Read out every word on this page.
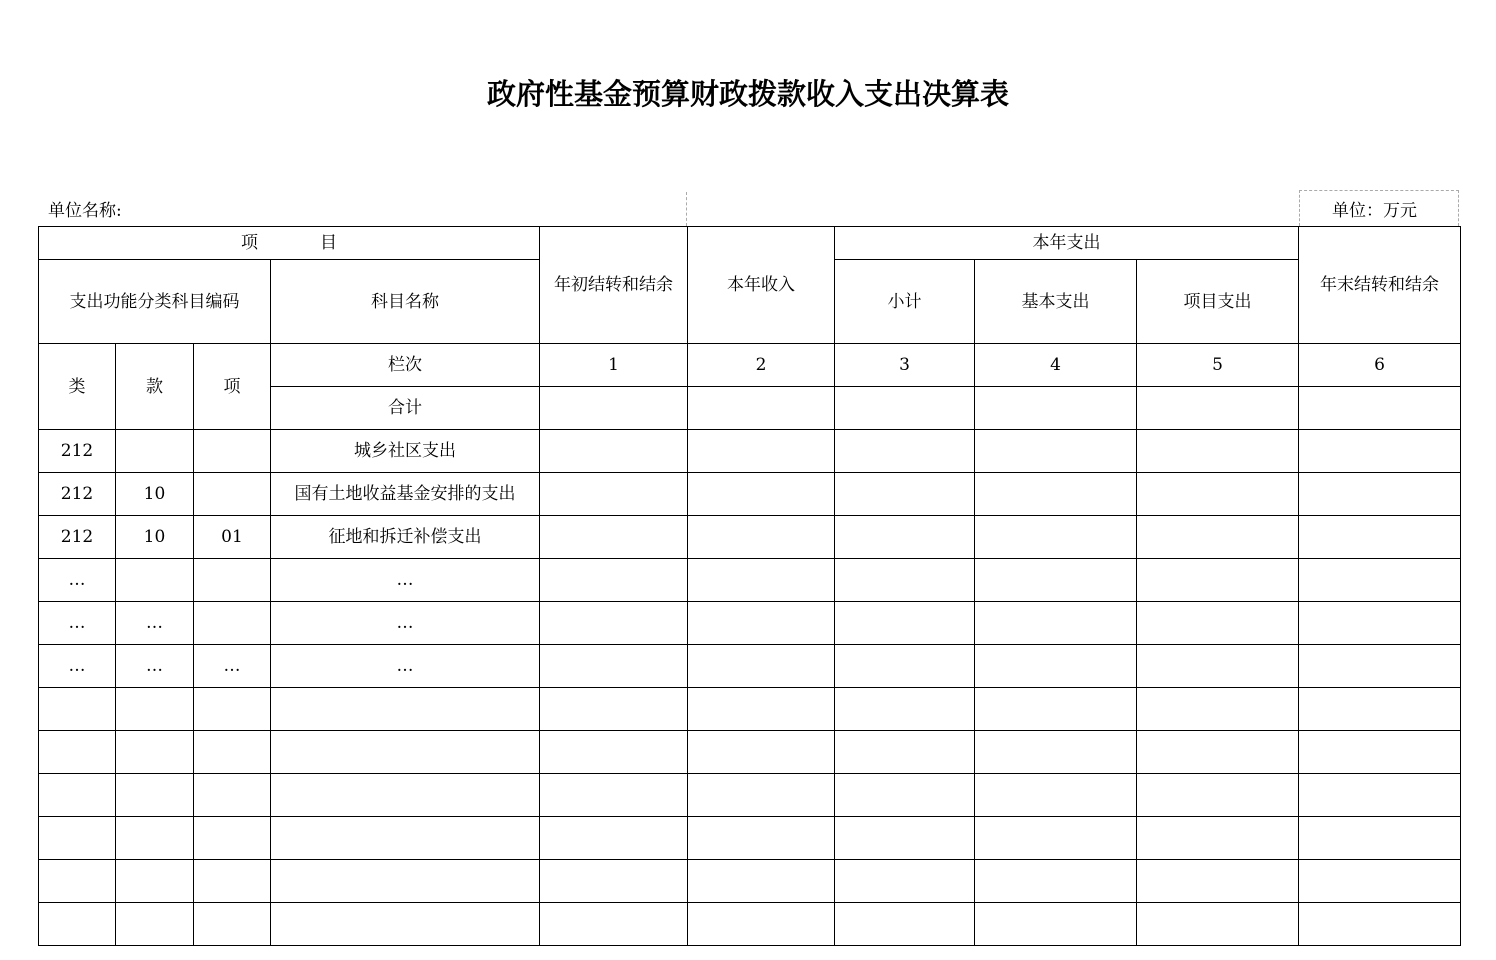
政府性基金预算财政拨款收入支出决算表
单位名称:	单位：万元
项 目				年初结转和结余	本年收入	本年支出			年末结转和结余
支出功能分类科目编码			科目名称			小计	基本支出	项目支出	
类	款	项	栏次	1	2	3	4	5	6
			合计						
212			城乡社区支出						
212	10		国有土地收益基金安排的支出						
212	10	01	征地和拆迁补偿支出						
…			…						
…	…		…						
…	…	…	…						
